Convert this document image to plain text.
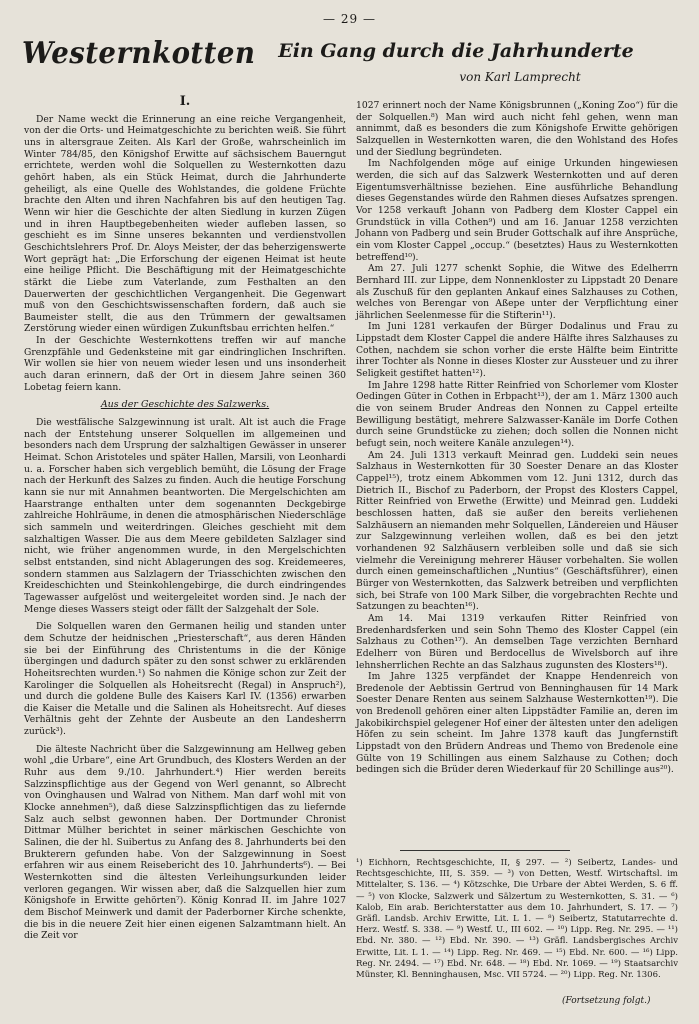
— 29 —
Westernkotten	Ein Gang durch die Jahrhunderte
von Karl Lamprecht
I.

Der Name weckt die Erinnerung an eine reiche Vergangenheit, von der die Orts- und Heimatgeschichte zu berichten weiß. Sie führt uns in altersgraue Zeiten. Als Karl der Große, wahrscheinlich im Winter 784/85, den Königshof Erwitte auf sächsischem Bauerngut errichtete, werden wohl die Solquellen zu Westernkotten dazu gehört haben, als ein Stück Heimat, durch die Jahrhunderte geheiligt, als eine Quelle des Wohlstandes, die goldene Früchte brachte den Alten und ihren Nachfahren bis auf den heutigen Tag. Wenn wir hier die Geschichte der alten Siedlung in kurzen Zügen und in ihren Hauptbegebenheiten wieder aufleben lassen, so geschieht es im Sinne unseres bekannten und verdienstvollen Geschichtslehrers Prof. Dr. Aloys Meister, der das beherzigenswerte Wort geprägt hat: „Die Erforschung der eigenen Heimat ist heute eine heilige Pflicht. Die Beschäftigung mit der Heimatgeschichte stärkt die Liebe zum Vaterlande, zum Festhalten an den Dauerwerten der geschichtlichen Vergangenheit. Die Gegenwart muß von den Geschichtswissenschaften fordern, daß auch sie Baumeister stellt, die aus den Trümmern der gewaltsamen Zerstörung wieder einen würdigen Zukunftsbau errichten helfen.“

In der Geschichte Westernkottens treffen wir auf manche Grenzpfähle und Gedenksteine mit gar eindringlichen Inschriften. Wir wollen sie hier von neuem wieder lesen und uns insonderheit auch daran erinnern, daß der Ort in diesem Jahre seinen 360 Lobetag feiern kann.

Aus der Geschichte des Salzwerks.

Die westfälische Salzgewinnung ist uralt. Alt ist auch die Frage nach der Entstehung unserer Solquellen im allgemeinen und besonders nach dem Ursprung der salzhaltigen Gewässer in unserer Heimat. Schon Aristoteles und später Hallen, Marsili, von Leonhardi u. a. Forscher haben sich vergeblich bemüht, die Lösung der Frage nach der Herkunft des Salzes zu finden. Auch die heutige Forschung kann sie nur mit Annahmen beantworten. Die Mergelschichten am Haarstrange enthalten unter dem sogenannten Deckgebirge zahlreiche Hohlräume, in denen die atmosphärischen Niederschläge sich sammeln und weiterdringen. Gleiches geschieht mit dem salzhaltigen Wasser. Die aus dem Meere gebildeten Salzlager sind nicht, wie früher angenommen wurde, in den Mergelschichten selbst entstanden, sind nicht Ablagerungen des sog. Kreidemeeres, sondern stammen aus Salzlagern der Triasschichten zwischen den Kreideschichten und Steinkohlengebirge, die durch eindringendes Tagewasser aufgelöst und weitergeleitet worden sind. Je nach der Menge dieses Wassers steigt oder fällt der Salzgehalt der Sole.

Die Solquellen waren den Germanen heilig und standen unter dem Schutze der heidnischen „Priesterschaft“, aus deren Händen sie bei der Einführung des Christentums in die der Könige übergingen und dadurch später zu den sonst schwer zu erklärenden Hoheitsrechten wurden.¹) So nahmen die Könige schon zur Zeit der Karolinger die Solquellen als Hoheitsrecht (Regal) in Anspruch²), und durch die goldene Bulle des Kaisers Karl IV. (1356) erwarben die Kaiser die Metalle und die Salinen als Hoheitsrecht. Auf dieses Verhältnis geht der Zehnte der Ausbeute an den Landesherrn zurück³).

Die älteste Nachricht über die Salzgewinnung am Hellweg geben wohl „die Urbare“, eine Art Grundbuch, des Klosters Werden an der Ruhr aus dem 9./10. Jahrhundert.⁴) Hier werden bereits Salzzinspflichtige aus der Gegend von Werl genannt, so Albrecht von Ovinghausen und Walrad von Nithem. Man darf wohl mit von Klocke annehmen⁵), daß diese Salzzinspflichtigen das zu liefernde Salz auch selbst gewonnen haben. Der Dortmunder Chronist Dittmar Mülher berichtet in seiner märkischen Geschichte von Salinen, die der hl. Suibertus zu Anfang des 8. Jahrhunderts bei den Brukterern gefunden habe. Von der Salzgewinnung in Soest erfahren wir aus einem Reisebericht des 10. Jahrhunderts⁶). — Bei Westernkotten sind die ältesten Verleihungsurkunden leider verloren gegangen. Wir wissen aber, daß die Salzquellen hier zum Königshofe in Erwitte gehörten⁷). König Konrad II. im Jahre 1027 dem Bischof Meinwerk und damit der Paderborner Kirche schenkte, die bis in die neuere Zeit hier einen eigenen Salzamtmann hielt. An die Zeit vor

1027 erinnert noch der Name Königsbrunnen („Koning Zoo“) für die der Solquellen.⁸) Man wird auch nicht fehl gehen, wenn man annimmt, daß es besonders die zum Königshofe Erwitte gehörigen Salzquellen in Westernkotten waren, die den Wohlstand des Hofes und der Siedlung begründeten.

Im Nachfolgenden möge auf einige Urkunden hingewiesen werden, die sich auf das Salzwerk Westernkotten und auf deren Eigentumsverhältnisse beziehen. Eine ausführliche Behandlung dieses Gegenstandes würde den Rahmen dieses Aufsatzes sprengen. Vor 1258 verkauft Johann von Padberg dem Kloster Cappel ein Grundstück in villa Cothen⁹) und am 16. Januar 1258 verzichten Johann von Padberg und sein Bruder Gottschalk auf ihre Ansprüche, ein vom Kloster Cappel „occup.“ (besetztes) Haus zu Westernkotten betreffend¹⁰).

Am 27. Juli 1277 schenkt Sophie, die Witwe des Edelherrn Bernhard III. zur Lippe, dem Nonnenkloster zu Lippstadt 20 Denare als Zuschuß für den geplanten Ankauf eines Salzhauses zu Cothen, welches von Berengar von Aßepe unter der Verpflichtung einer jährlichen Seelenmesse für die Stifterin¹¹).

Im Juni 1281 verkaufen der Bürger Dodalinus und Frau zu Lippstadt dem Kloster Cappel die andere Hälfte ihres Salzhauses zu Cothen, nachdem sie schon vorher die erste Hälfte beim Eintritte ihrer Tochter als Nonne in dieses Kloster zur Aussteuer und zu ihrer Seligkeit gestiftet hatten¹²).

Im Jahre 1298 hatte Ritter Reinfried von Schorlemer vom Kloster Oedingen Güter in Cothen in Erbpacht¹³), der am 1. März 1300 auch die von seinem Bruder Andreas den Nonnen zu Cappel erteilte Bewilligung bestätigt, mehrere Salzwasser-Kanäle im Dorfe Cothen durch seine Grundstücke zu ziehen; doch sollen die Nonnen nicht befugt sein, noch weitere Kanäle anzulegen¹⁴).

Am 24. Juli 1313 verkauft Meinrad gen. Luddeki sein neues Salzhaus in Westernkotten für 30 Soester Denare an das Kloster Cappel¹⁵), trotz einem Abkommen vom 12. Juni 1312, durch das Dietrich II., Bischof zu Paderborn, der Propst des Klosters Cappel, Ritter Reinfried von Erwethe (Erwitte) und Meinrad gen. Luddeki beschlossen hatten, daß sie außer den bereits verliehenen Salzhäusern an niemanden mehr Solquellen, Ländereien und Häuser zur Salzgewinnung verleihen wollen, daß es bei den jetzt vorhandenen 92 Salzhäusern verbleiben solle und daß sie sich vielmehr die Vereinigung mehrerer Häuser vorbehalten. Sie wollen durch einen gemeinschaftlichen „Nuntius“ (Geschäftsführer), einen Bürger von Westernkotten, das Salzwerk betreiben und verpflichten sich, bei Strafe von 100 Mark Silber, die vorgebrachten Rechte und Satzungen zu beachten¹⁶).

Am 14. Mai 1319 verkaufen Ritter Reinfried von Bredenhardsferken und sein Sohn Themo des Kloster Cappel (ein Salzhaus zu Cothen¹⁷). An demselben Tage verzichten Bernhard Edelherr von Büren und Berdocellus de Wivelsborch auf ihre lehnsherrlichen Rechte an das Salzhaus zugunsten des Klosters¹⁸).

Im Jahre 1325 verpfändet der Knappe Hendenreich von Bredenole der Aebtissin Gertrud von Benninghausen für 14 Mark Soester Denare Renten aus seinem Salzhause Westernkotten¹⁹). Die von Bredenoll gehören einer alten Lippstädter Familie an, deren im Jakobikirchspiel gelegener Hof einer der ältesten unter den adeligen Höfen zu sein scheint. Im Jahre 1378 kauft das Jungfernstift Lippstadt von den Brüdern Andreas und Themo von Bredenole eine Gülte von 19 Schillingen aus einem Salzhause zu Cothen; doch bedingen sich die Brüder deren Wiederkauf für 20 Schillinge aus²⁰).

¹) Eichhorn, Rechtsgeschichte, II, § 297. — ²) Seibertz, Landes- und Rechtsgeschichte, III, S. 359. — ³) von Detten, Westf. Wirtschaftsl. im Mittelalter, S. 136. — ⁴) Kötzschke, Die Urbare der Abtei Werden, S. 6 ff. — ⁵) von Klocke, Salzwerk und Sälzertum zu Westernkotten, S. 31. — ⁶) Kalob, Ein arab. Berichterstatter aus dem 10. Jahrhundert, S. 17. — ⁷) Gräfl. Landsb. Archiv Erwitte, Lit. L 1. — ⁸) Seibertz, Statutarrechte d. Herz. Westf. S. 338. — ⁹) Westf. U., III 602. — ¹⁰) Lipp. Reg. Nr. 295. — ¹¹) Ebd. Nr. 380. — ¹²) Ebd. Nr. 390. — ¹³) Gräfl. Landsbergisches Archiv Erwitte, Lit. L 1. — ¹⁴) Lipp. Reg. Nr. 469. — ¹⁵) Ebd. Nr. 600. — ¹⁶) Lipp. Reg. Nr. 2494. — ¹⁷) Ebd. Nr. 648. — ¹⁸) Ebd. Nr. 1069. — ¹⁹) Staatsarchiv Münster, Kl. Benninghausen, Msc. VII 5724. — ²⁰) Lipp. Reg. Nr. 1306.
(Fortsetzung folgt.)
